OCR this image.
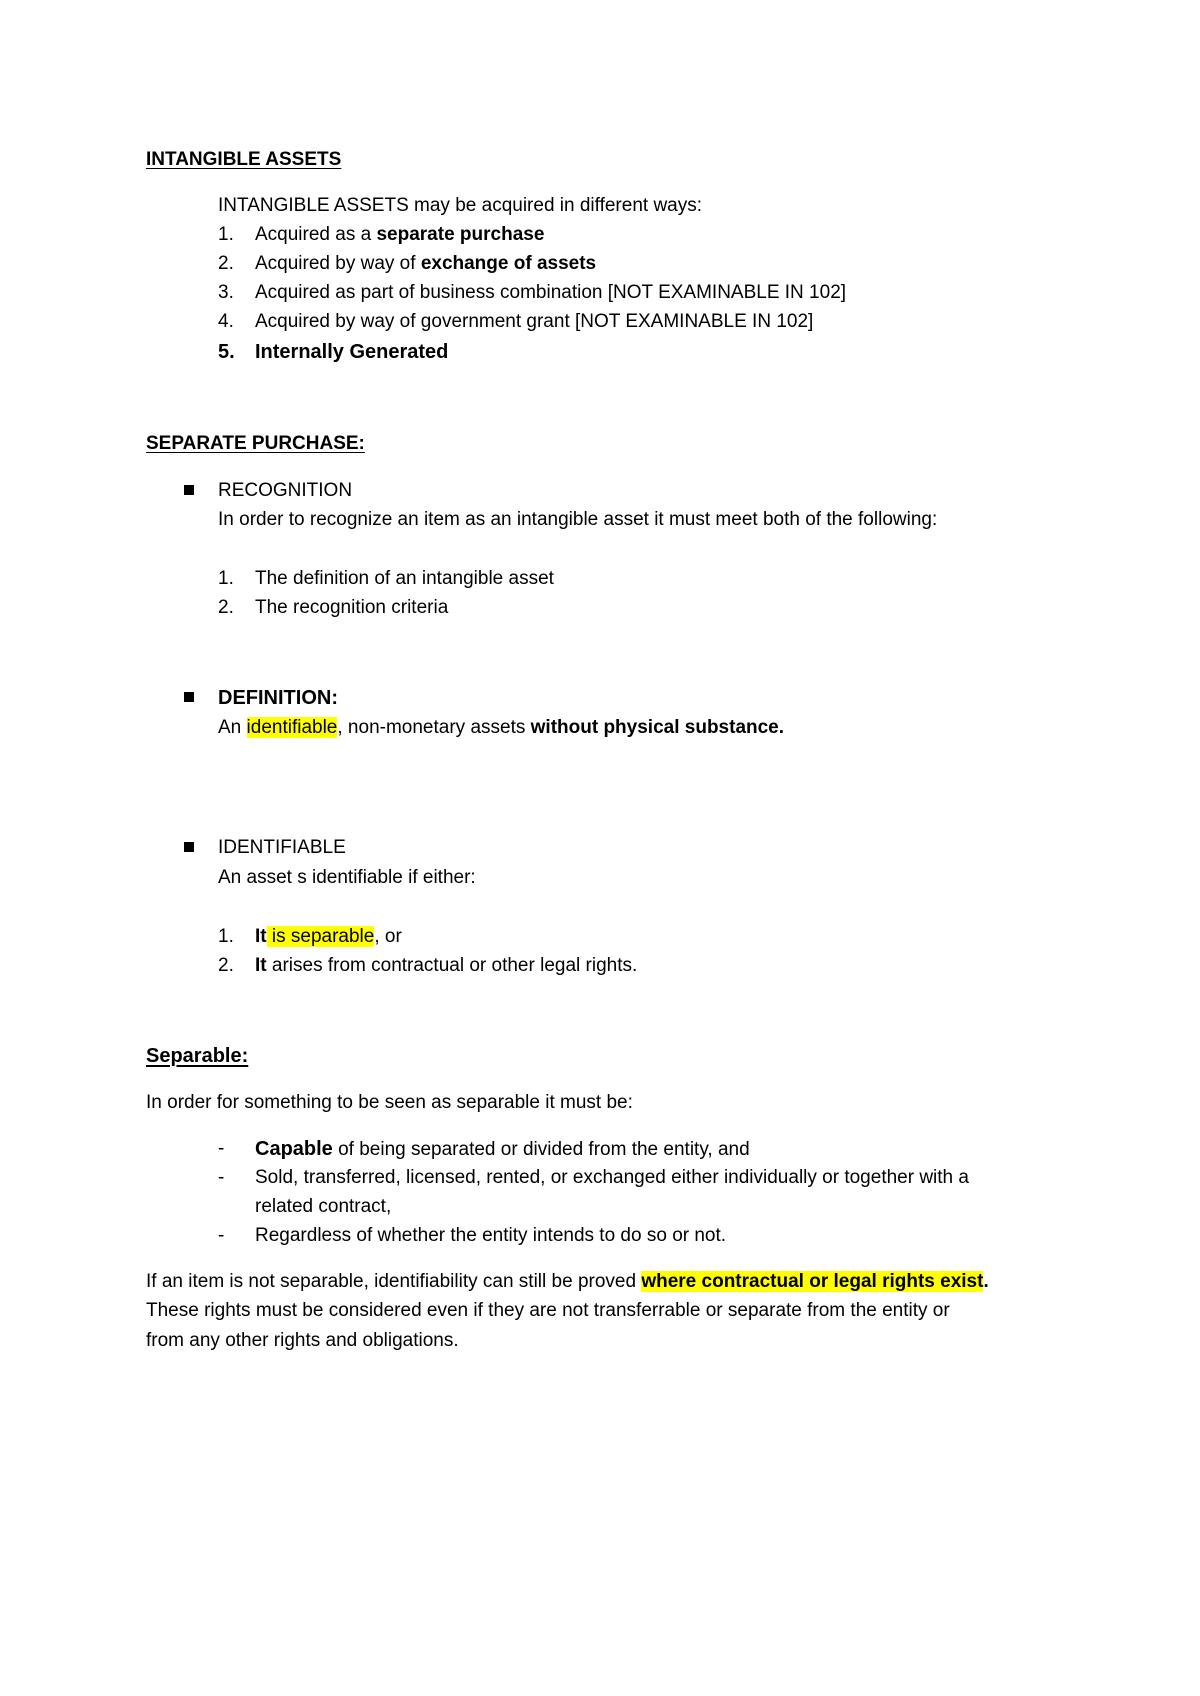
INTANGIBLE ASSETS
INTANGIBLE ASSETS may be acquired in different ways:
1. Acquired as a separate purchase
2. Acquired by way of exchange of assets
3. Acquired as part of business combination [NOT EXAMINABLE IN 102]
4. Acquired by way of government grant [NOT EXAMINABLE IN 102]
5. Internally Generated
SEPARATE PURCHASE:
RECOGNITION
In order to recognize an item as an intangible asset it must meet both of the following:
1. The definition of an intangible asset
2. The recognition criteria
DEFINITION:
An identifiable, non-monetary assets without physical substance.
IDENTIFIABLE
An asset s identifiable if either:
1. It is separable, or
2. It arises from contractual or other legal rights.
Separable:
In order for something to be seen as separable it must be:
- Capable of being separated or divided from the entity, and
- Sold, transferred, licensed, rented, or exchanged either individually or together with a
related contract,
- Regardless of whether the entity intends to do so or not.
If an item is not separable, identifiability can still be proved where contractual or legal rights exist.
These rights must be considered even if they are not transferrable or separate from the entity or
from any other rights and obligations.
